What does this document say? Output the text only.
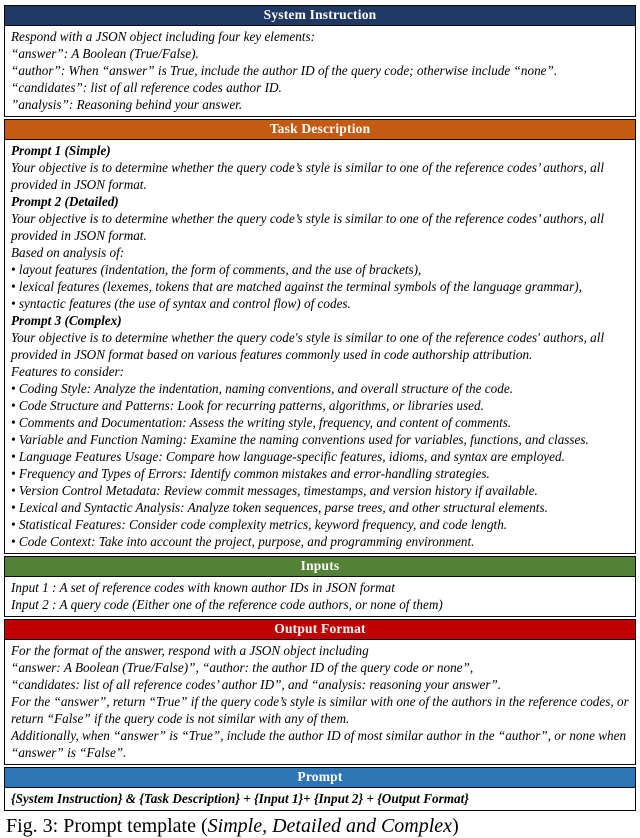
System Instruction
Respond with a JSON object including four key elements:
“answer”: A Boolean (True/False).
“author”: When “answer” is True, include the author ID of the query code; otherwise include “none”.
“candidates”: list of all reference codes author ID.
”analysis”: Reasoning behind your answer.
Task Description
Prompt 1 (Simple)
Your objective is to determine whether the query code’s style is similar to one of the reference codes’ authors, all provided in JSON format.
Prompt 2 (Detailed)
Your objective is to determine whether the query code’s style is similar to one of the reference codes’ authors, all provided in JSON format.
Based on analysis of:
• layout features (indentation, the form of comments, and the use of brackets),
• lexical features (lexemes, tokens that are matched against the terminal symbols of the language grammar),
• syntactic features (the use of syntax and control flow) of codes.
Prompt 3 (Complex)
Your objective is to determine whether the query code's style is similar to one of the reference codes' authors, all provided in JSON format based on various features commonly used in code authorship attribution.
Features to consider:
• Coding Style: Analyze the indentation, naming conventions, and overall structure of the code.
• Code Structure and Patterns: Look for recurring patterns, algorithms, or libraries used.
• Comments and Documentation: Assess the writing style, frequency, and content of comments.
• Variable and Function Naming: Examine the naming conventions used for variables, functions, and classes.
• Language Features Usage: Compare how language-specific features, idioms, and syntax are employed.
• Frequency and Types of Errors: Identify common mistakes and error-handling strategies.
• Version Control Metadata: Review commit messages, timestamps, and version history if available.
• Lexical and Syntactic Analysis: Analyze token sequences, parse trees, and other structural elements.
• Statistical Features: Consider code complexity metrics, keyword frequency, and code length.
• Code Context: Take into account the project, purpose, and programming environment.
Inputs
Input 1 : A set of reference codes with known author IDs in JSON format
Input 2 : A query code (Either one of the reference code authors, or none of them)
Output Format
For the format of the answer, respond with a JSON object including
“answer: A Boolean (True/False)”, “author: the author ID of the query code or none”,
“candidates: list of all reference codes’ author ID”, and “analysis: reasoning your answer”.
For the “answer”, return “True” if the query code’s style is similar with one of the authors in the reference codes, or return “False” if the query code is not similar with any of them.
Additionally, when “answer” is “True”, include the author ID of most similar author in the “author”, or none when “answer” is “False”.
Prompt
{System Instruction} & {Task Description} + {Input 1}+ {Input 2} + {Output Format}
Fig. 3: Prompt template (Simple, Detailed and Complex)
